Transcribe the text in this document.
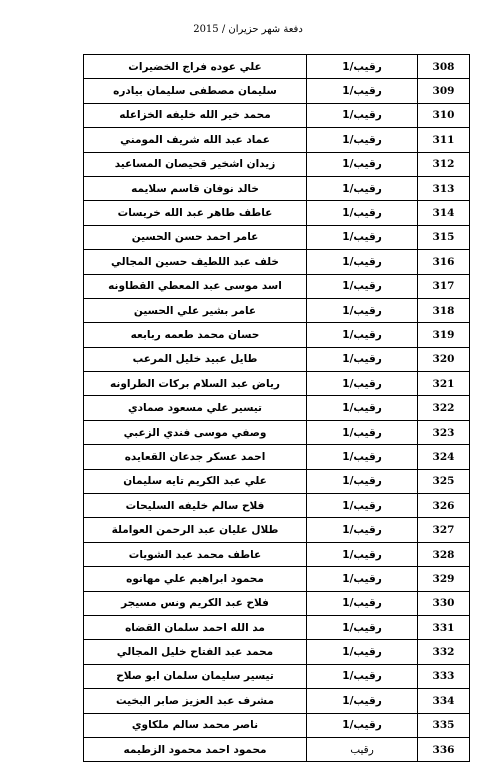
دفعة شهر حزيران / 2015
308	رقيب/1	علي عوده فراج الخضيرات
309	رقيب/1	سليمان مصطفى سليمان بيادره
310	رقيب/1	محمد خير الله خليفه الخزاعله
311	رقيب/1	عماد عبد الله شريف المومني
312	رقيب/1	زيدان اشخير قحيصان المساعيد
313	رقيب/1	خالد نوفان قاسم سلايمه
314	رقيب/1	عاطف طاهر عبد الله خريسات
315	رقيب/1	عامر احمد حسن الحسين
316	رقيب/1	خلف عبد اللطيف حسين المجالي
317	رقيب/1	اسد موسى عبد المعطي القطاونه
318	رقيب/1	عامر بشير علي الحسين
319	رقيب/1	حسان محمد طعمه ربابعه
320	رقيب/1	طايل عبيد خليل المرعب
321	رقيب/1	رياض عبد السلام بركات الطراونه
322	رقيب/1	تيسير علي مسعود صمادي
323	رقيب/1	وصفي موسى فندي الزعبي
324	رقيب/1	احمد عسكر جدعان القعايده
325	رقيب/1	علي عبد الكريم تايه سليمان
326	رقيب/1	فلاح سالم خليفه السليحات
327	رقيب/1	طلال عليان عبد الرحمن العواملة
328	رقيب/1	عاطف محمد عبد الشويات
329	رقيب/1	محمود ابراهيم علي مهانوه
330	رقيب/1	فلاح عبد الكريم ونس مسيجر
331	رقيب/1	مد الله احمد سلمان القضاه
332	رقيب/1	محمد عبد الفتاح خليل المجالي
333	رقيب/1	تيسير سليمان سلمان ابو صلاح
334	رقيب/1	مشرف عبد العزيز صابر البخيت
335	رقيب/1	ناصر محمد سالم ملكاوي
336	رقيب	محمود احمد محمود الزطيمه
